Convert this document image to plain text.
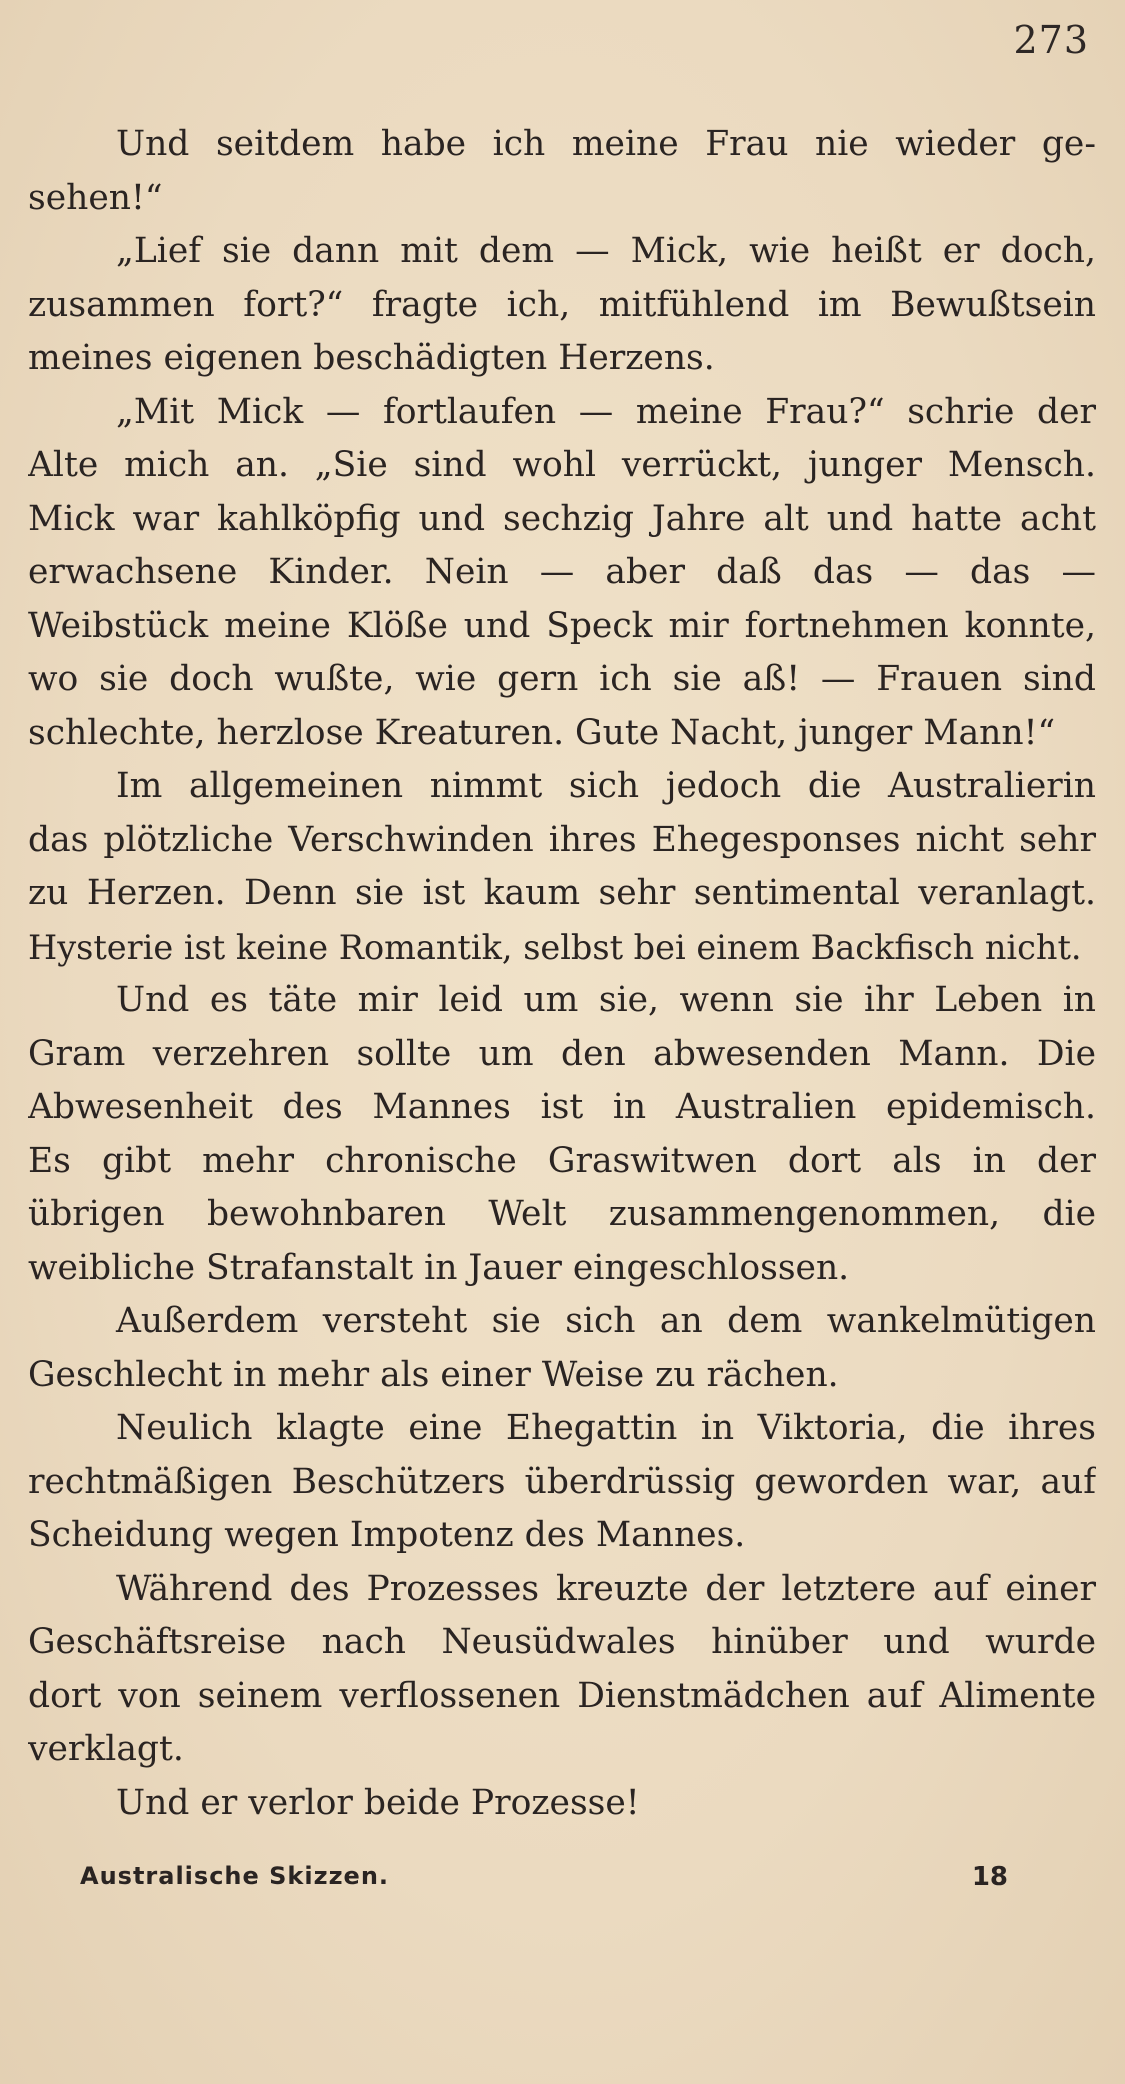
273
Und seitdem habe ich meine Frau nie wieder ge-
sehen!“
„Lief sie dann mit dem — Mick, wie heißt er doch,
zusammen fort?“ fragte ich, mitfühlend im Bewußtsein
meines eigenen beschädigten Herzens.
„Mit Mick — fortlaufen — meine Frau?“ schrie der
Alte mich an. „Sie sind wohl verrückt, junger Mensch.
Mick war kahlköpfig und sechzig Jahre alt und hatte acht
erwachsene Kinder. Nein — aber daß das — das —
Weibstück meine Klöße und Speck mir fortnehmen konnte,
wo sie doch wußte, wie gern ich sie aß! — Frauen sind
schlechte, herzlose Kreaturen. Gute Nacht, junger Mann!“
Im allgemeinen nimmt sich jedoch die Australierin
das plötzliche Verschwinden ihres Ehegesponses nicht sehr
zu Herzen. Denn sie ist kaum sehr sentimental veranlagt.
Hysterie ist keine Romantik, selbst bei einem Backfisch nicht.
Und es täte mir leid um sie, wenn sie ihr Leben in
Gram verzehren sollte um den abwesenden Mann. Die
Abwesenheit des Mannes ist in Australien epidemisch.
Es gibt mehr chronische Graswitwen dort als in der
übrigen bewohnbaren Welt zusammengenommen, die
weibliche Strafanstalt in Jauer eingeschlossen.
Außerdem versteht sie sich an dem wankelmütigen
Geschlecht in mehr als einer Weise zu rächen.
Neulich klagte eine Ehegattin in Viktoria, die ihres
rechtmäßigen Beschützers überdrüssig geworden war, auf
Scheidung wegen Impotenz des Mannes.
Während des Prozesses kreuzte der letztere auf einer
Geschäftsreise nach Neusüdwales hinüber und wurde
dort von seinem verflossenen Dienstmädchen auf Alimente
verklagt.
Und er verlor beide Prozesse!
Australische Skizzen.	18
